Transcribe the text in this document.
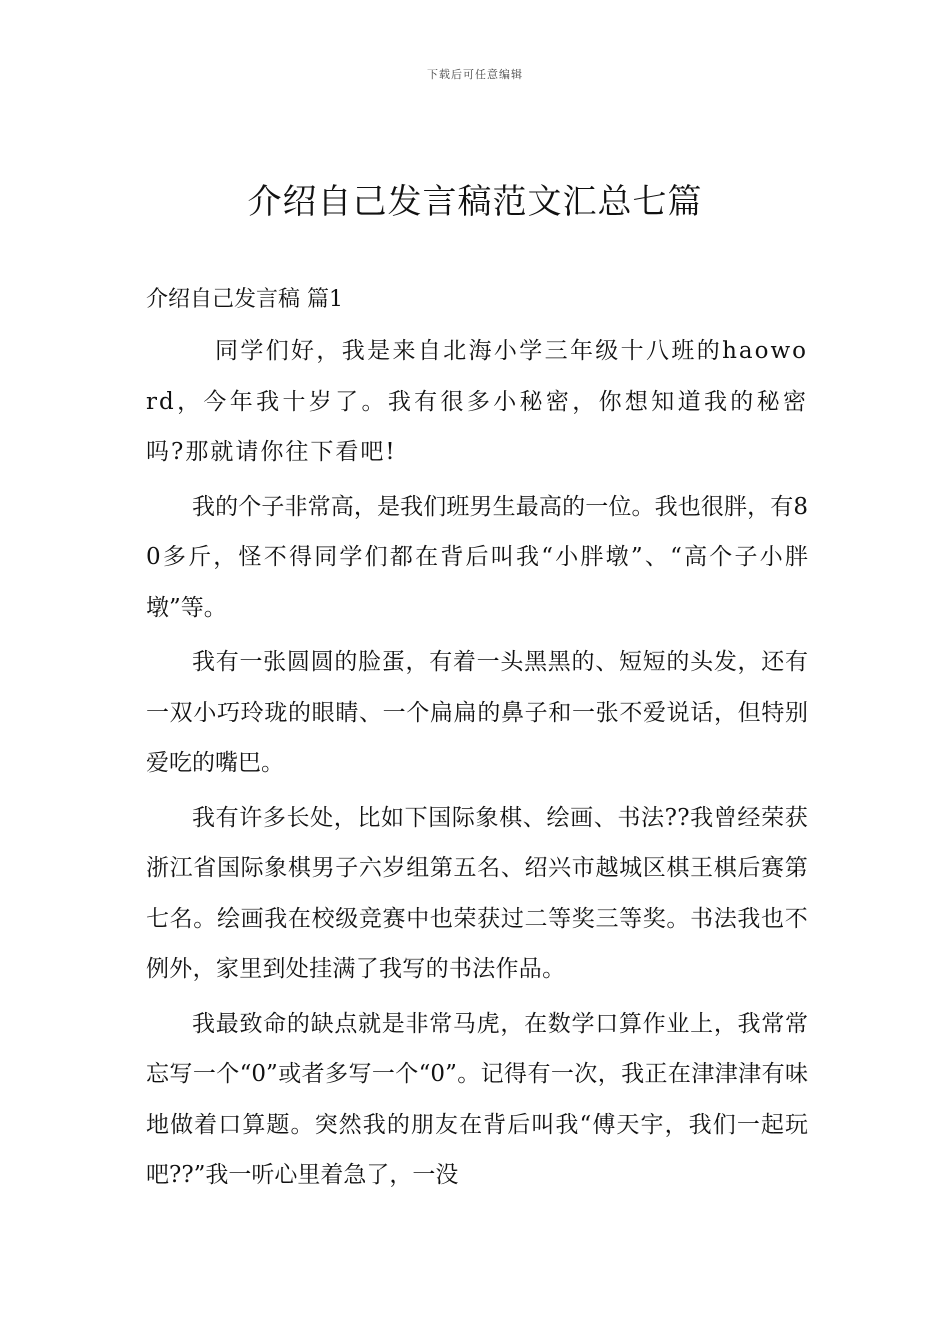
下载后可任意编辑
介绍自己发言稿范文汇总七篇
介绍自己发言稿 篇1

同学们好，我是来自北海小学三年级十八班的haoword，今年我十岁了。我有很多小秘密，你想知道我的秘密吗?那就请你往下看吧!

我的个子非常高，是我们班男生最高的一位。我也很胖，有80多斤，怪不得同学们都在背后叫我“小胖墩”、“高个子小胖墩”等。

我有一张圆圆的脸蛋，有着一头黑黑的、短短的头发，还有一双小巧玲珑的眼睛、一个扁扁的鼻子和一张不爱说话，但特别爱吃的嘴巴。

我有许多长处，比如下国际象棋、绘画、书法??我曾经荣获浙江省国际象棋男子六岁组第五名、绍兴市越城区棋王棋后赛第七名。绘画我在校级竞赛中也荣获过二等奖三等奖。书法我也不例外，家里到处挂满了我写的书法作品。

我最致命的缺点就是非常马虎，在数学口算作业上，我常常忘写一个“0”或者多写一个“0”。记得有一次，我正在津津津有味地做着口算题。突然我的朋友在背后叫我“傅天宇，我们一起玩吧??”我一听心里着急了，一没
